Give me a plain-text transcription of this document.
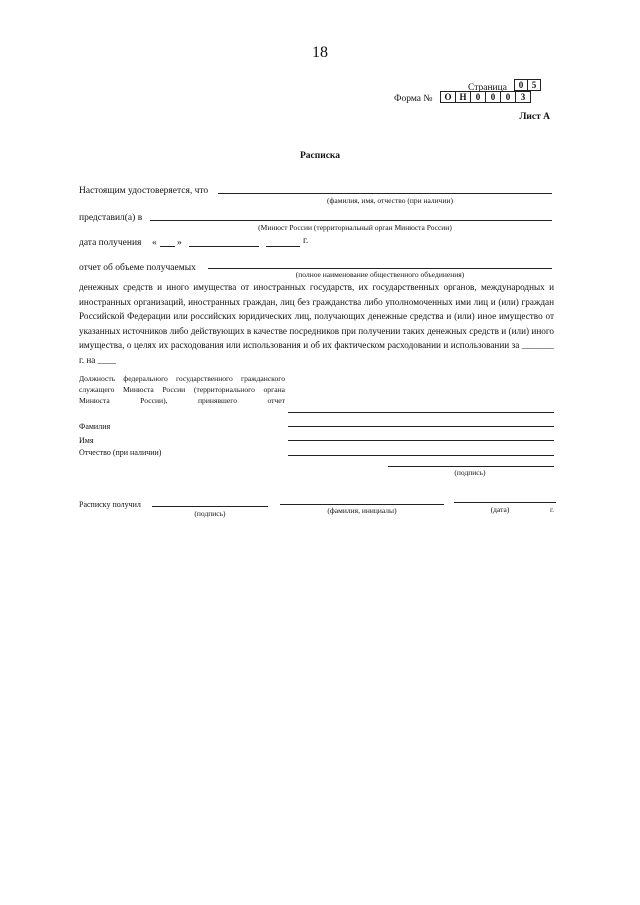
18
Страница	0 5
Форма №	О Н	0	0	0	3
Лист А
Расписка
Настоящим удостоверяется, что
(фамилия, имя, отчество (при наличии)
представил(а) в
(Минюст России (территориальный орган Минюста России)
дата получения « »	г.
отчет об объеме получаемых
(полное наименование общественного объединения)
денежных средств и иного имущества от иностранных государств, их государственных органов, международных и иностранных организаций, иностранных граждан, лиц без гражданства либо уполномоченных ими лиц и (или) граждан Российской Федерации или российских юридических лиц, получающих денежные средства и (или) иное имущество от указанных источников либо действующих в качестве посредников при получении таких денежных средств и (или) иного имущества, о целях их расходования или использования и об их фактическом расходовании и использовании за _______ г. на ____
Должность федерального государственного гражданского служащего Минюста России (территориального органа Минюста России), принявшего отчет
Фамилия
Имя
Отчество (при наличии)
(подпись)
Расписку получил
(подпись)	(фамилия, инициалы)	(дата)	г.
